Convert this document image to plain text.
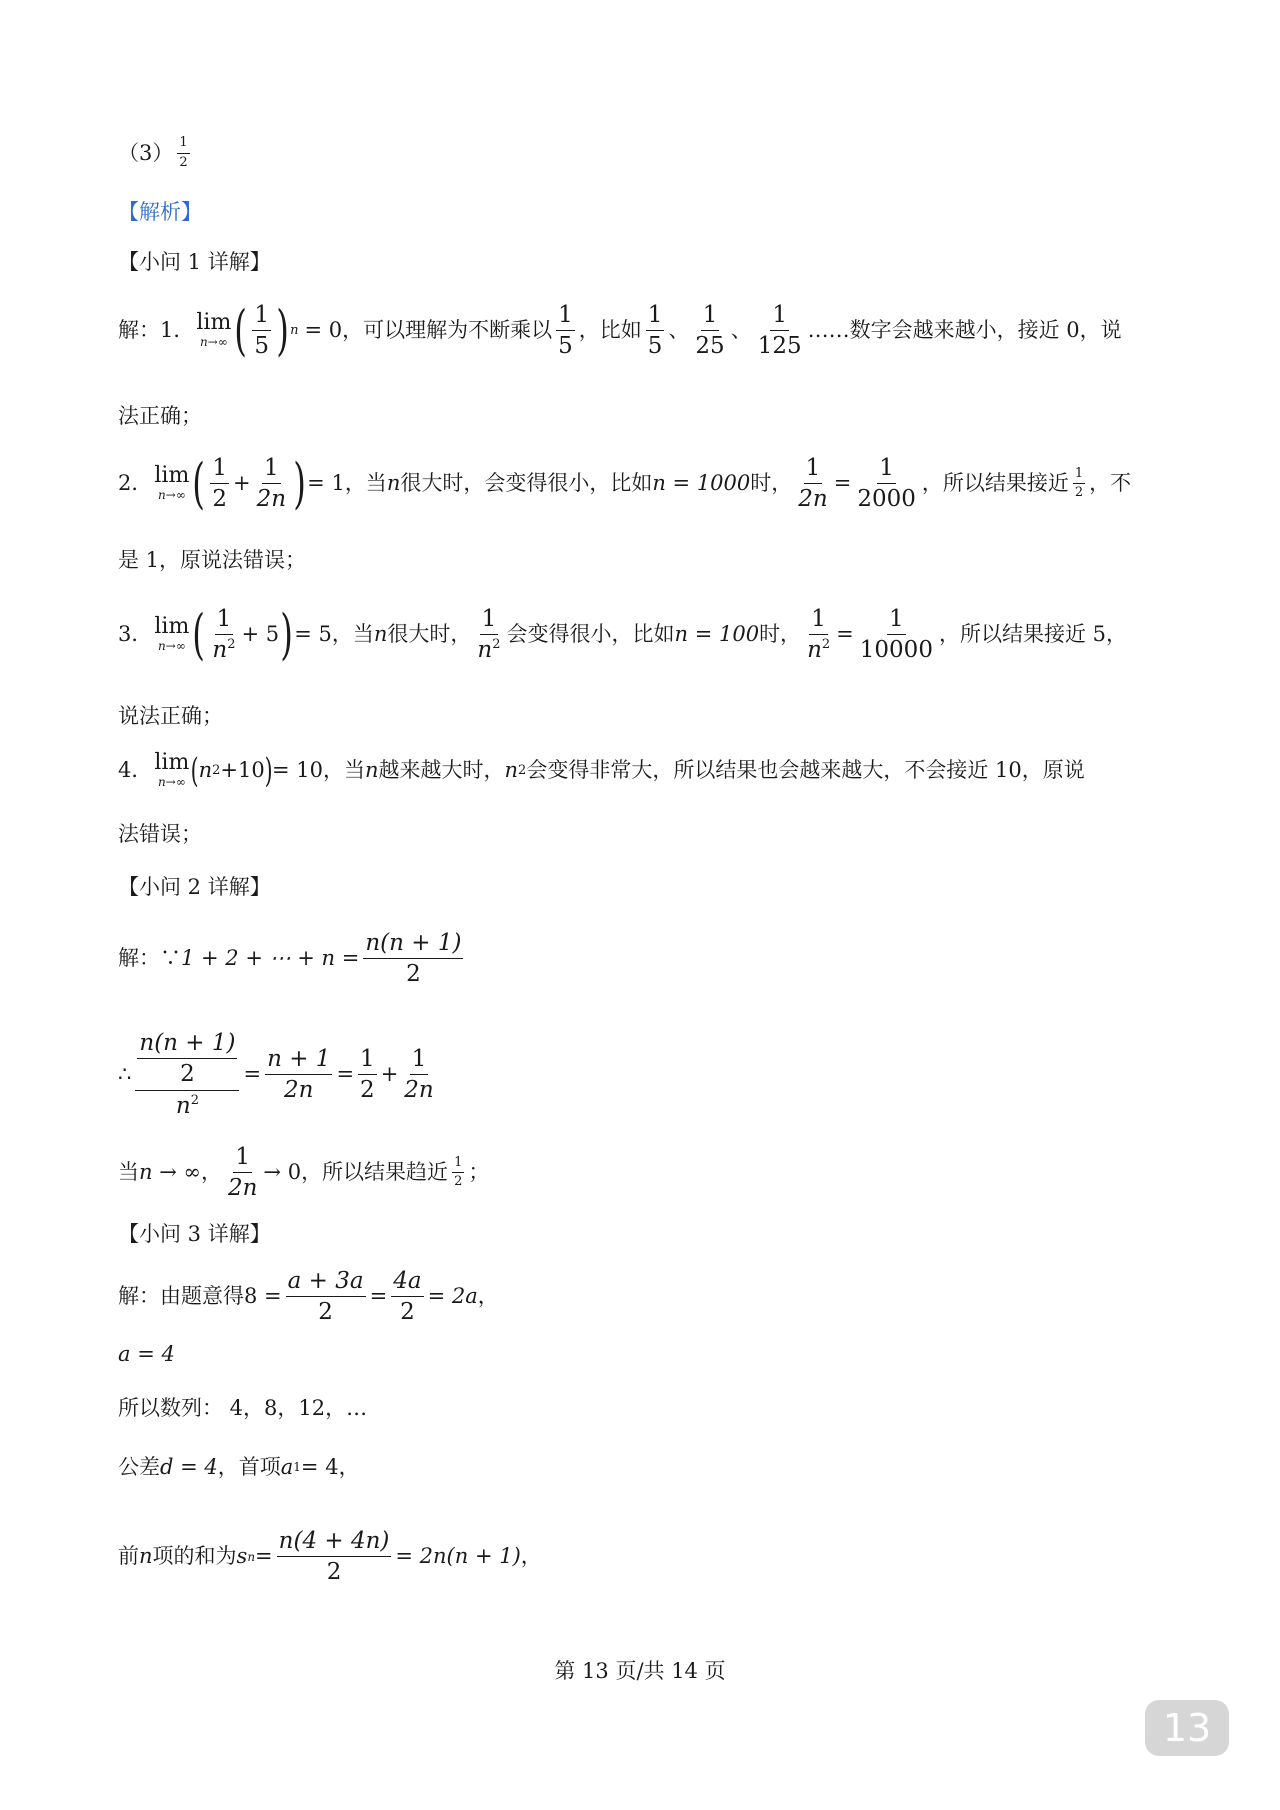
$(3) \frac{1}{2}$
【解析】
【小问 1 详解】
解：1． lim
n→∞ ( $\frac{1}{5}$ ) n = 0 ，可以理解为不断乘以 $\frac{1}{5}$ ，比如 $\frac{1}{5}$ 、 $\frac{1}{25}$ 、 $\frac{1}{125}$ ……数字会越来越小，接近 0，说
法正确；
2． lim
n→∞ ( $\frac{1}{2} + \frac{1}{2n}$ ) = 1 ，当 n 很大时，会变得很小，比如 n = 1000 时， $\frac{1}{2n} = \frac{1}{2000}$ ，所以结果接近 $\frac{1}{2}$ ，不
是 1，原说法错误；
3． lim
n→∞ ( $\frac{1}{n^2} + 5$ ) = 5 ，当 n 很大时， $\frac{1}{n^2}$ 会变得很小，比如 n = 100 时， $\frac{1}{n^2} = \frac{1}{10000}$ ，所以结果接近 5，
说法正确；
4． lim
n→∞ ( n 2 +10 ) = 10 ，当 n 越来越大时， n 2 会变得非常大，所以结果也会越来越大，不会接近 10，原说
法错误；
【小问 2 详解】
解：∵ 1 + 2 + ⋯ + $n = \frac{n(n + 1)}{2}$
∴ $\frac{\frac{n(n + 1)}{2}}{n^2} = \frac{n + 1}{2n} = \frac{1}{2} + \frac{1}{2n}$
当 n → ∞ ， $\frac{1}{2n} \to 0$ ，所以结果趋近 $\frac{1}{2}$ ；
【小问 3 详解】
解：由题意得 $8 = \frac{a + 3a}{2} = \frac{4a}{2} = 2a$ ，
a = 4
所以数列： 4，8，12，…
公差 d = 4 ，首项 a 1 = 4 ，
前 n 项的和为 s $n = \frac{n(4 + 4n)}{2} = 2n(n + 1)$ ，
第 13 页/共 14 页
13
